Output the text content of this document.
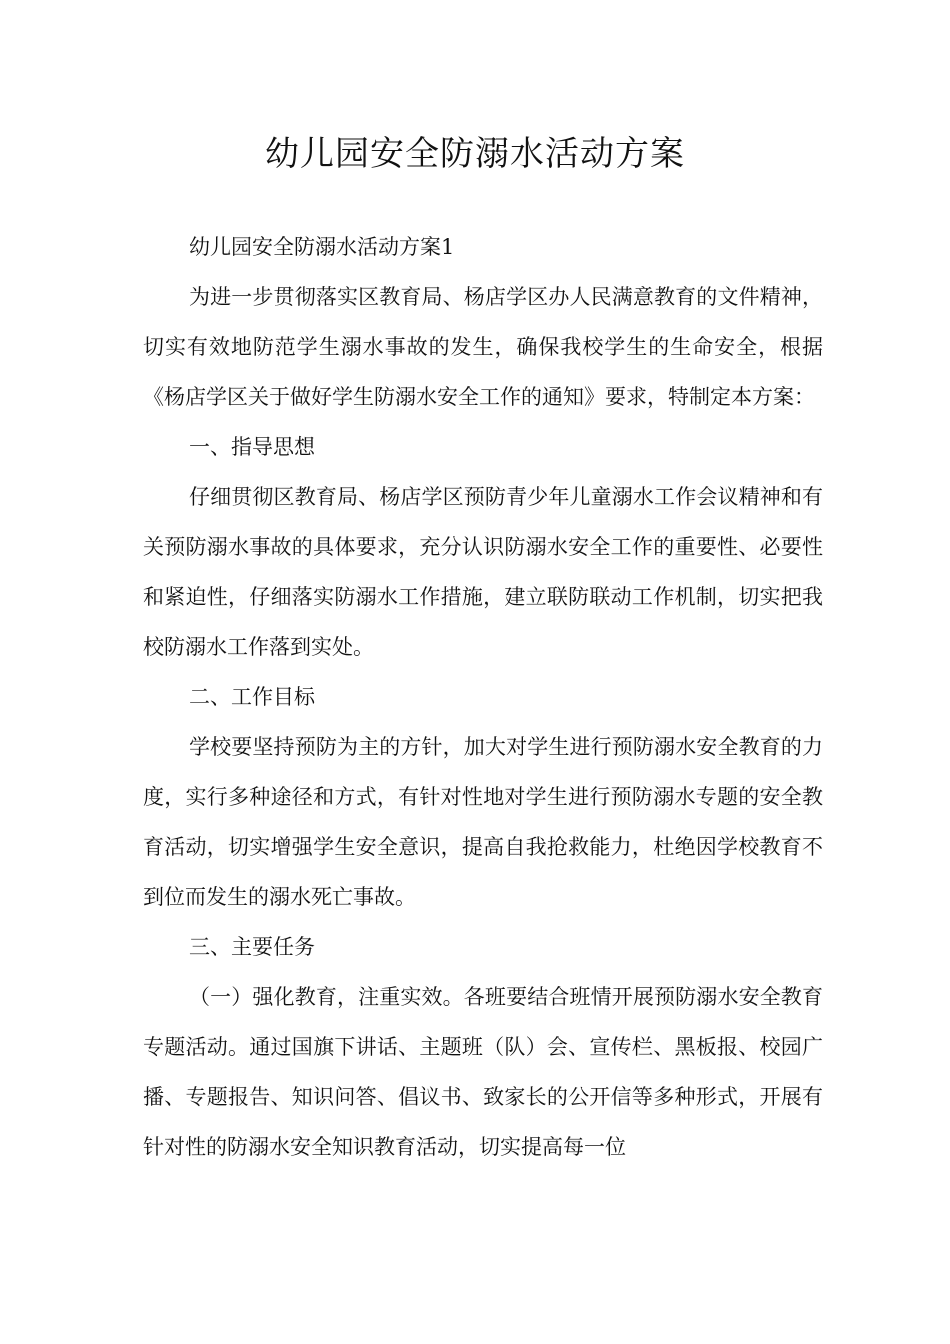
幼儿园安全防溺水活动方案

幼儿园安全防溺水活动方案1

为进一步贯彻落实区教育局、杨店学区办人民满意教育的文件精神，切实有效地防范学生溺水事故的发生，确保我校学生的生命安全，根据《杨店学区关于做好学生防溺水安全工作的通知》要求，特制定本方案：

一、指导思想

仔细贯彻区教育局、杨店学区预防青少年儿童溺水工作会议精神和有关预防溺水事故的具体要求，充分认识防溺水安全工作的重要性、必要性和紧迫性，仔细落实防溺水工作措施，建立联防联动工作机制，切实把我校防溺水工作落到实处。

二、工作目标

学校要坚持预防为主的方针，加大对学生进行预防溺水安全教育的力度，实行多种途径和方式，有针对性地对学生进行预防溺水专题的安全教育活动，切实增强学生安全意识，提高自我抢救能力，杜绝因学校教育不到位而发生的溺水死亡事故。

三、主要任务

（一）强化教育，注重实效。各班要结合班情开展预防溺水安全教育专题活动。通过国旗下讲话、主题班（队）会、宣传栏、黑板报、校园广播、专题报告、知识问答、倡议书、致家长的公开信等多种形式，开展有针对性的防溺水安全知识教育活动，切实提高每一位
